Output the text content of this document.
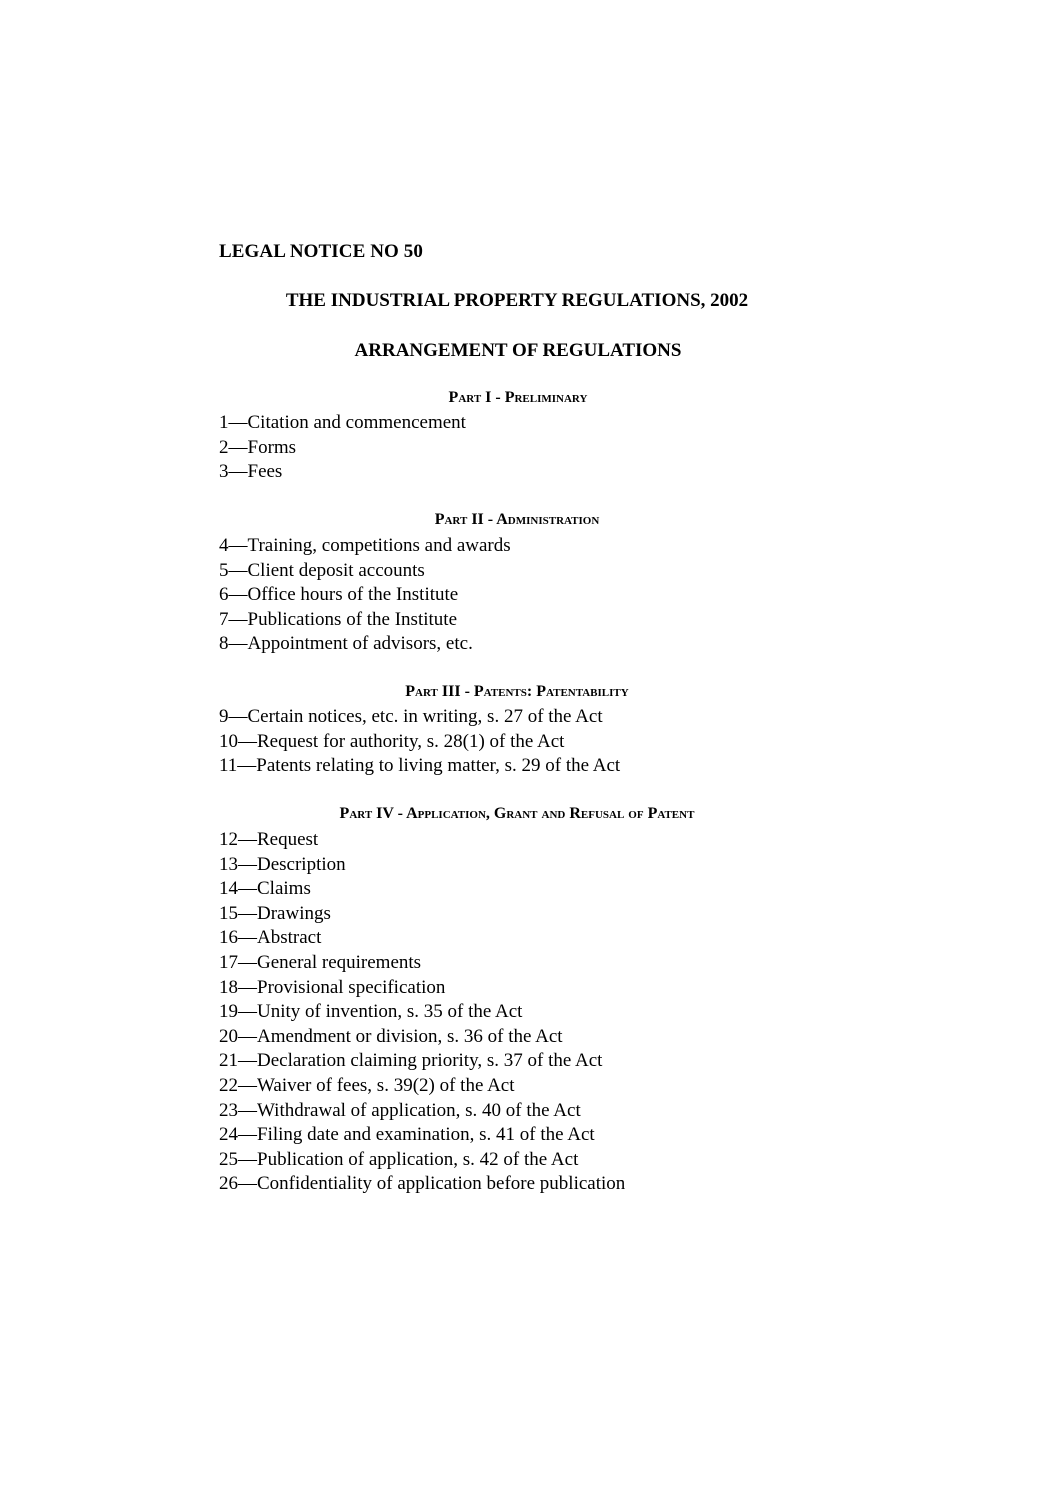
LEGAL NOTICE NO 50
THE INDUSTRIAL PROPERTY REGULATIONS, 2002
ARRANGEMENT OF REGULATIONS
Part I - Preliminary
1—Citation and commencement
2—Forms
3—Fees
Part II - Administration
4—Training, competitions and awards
5—Client deposit accounts
6—Office hours of the Institute
7—Publications of the Institute
8—Appointment of advisors, etc.
Part III - Patents: Patentability
9—Certain notices, etc. in writing, s. 27 of the Act
10—Request for authority, s. 28(1) of the Act
11—Patents relating to living matter, s. 29 of the Act
Part IV - Application, Grant and Refusal of Patent
12—Request
13—Description
14—Claims
15—Drawings
16—Abstract
17—General requirements
18—Provisional specification
19—Unity of invention, s. 35 of the Act
20—Amendment or division, s. 36 of the Act
21—Declaration claiming priority, s. 37 of the Act
22—Waiver of fees, s. 39(2) of the Act
23—Withdrawal of application, s. 40 of the Act
24—Filing date and examination, s. 41 of the Act
25—Publication of application, s. 42 of the Act
26—Confidentiality of application before publication
